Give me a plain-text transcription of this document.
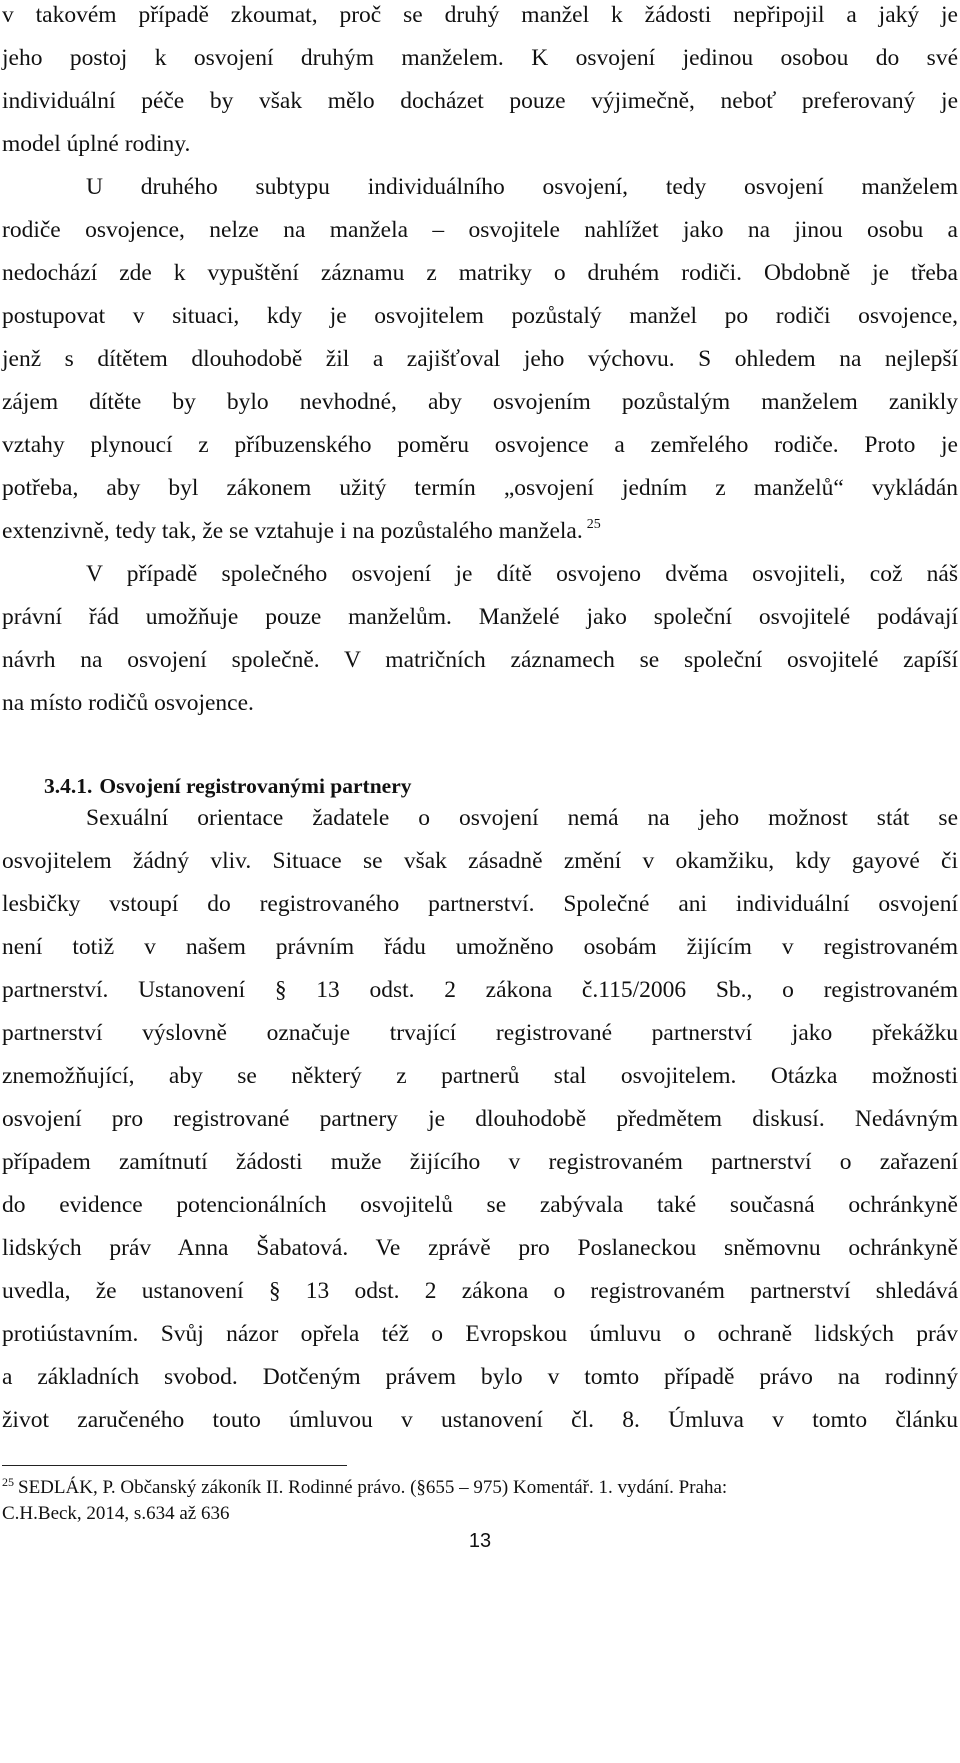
v takovém případě zkoumat, proč se druhý manžel k žádosti nepřipojil a jaký je
jeho postoj k osvojení druhým manželem. K osvojení jedinou osobou do své
individuální péče by však mělo docházet pouze výjimečně, neboť preferovaný je
model úplné rodiny.
U druhého subtypu individuálního osvojení, tedy osvojení manželem
rodiče osvojence, nelze na manžela – osvojitele nahlížet jako na jinou osobu a
nedochází zde k vypuštění záznamu z matriky o druhém rodiči. Obdobně je třeba
postupovat v situaci, kdy je osvojitelem pozůstalý manžel po rodiči osvojence,
jenž s dítětem dlouhodobě žil a zajišťoval jeho výchovu. S ohledem na nejlepší
zájem dítěte by bylo nevhodné, aby osvojením pozůstalým manželem zanikly
vztahy plynoucí z příbuzenského poměru osvojence a zemřelého rodiče. Proto je
potřeba, aby byl zákonem užitý termín „osvojení jedním z manželů“ vykládán
extenzivně, tedy tak, že se vztahuje i na pozůstalého manžela. $^{25}$
V případě společného osvojení je dítě osvojeno dvěma osvojiteli, což náš
právní řád umožňuje pouze manželům. Manželé jako společní osvojitelé podávají
návrh na osvojení společně. V matričních záznamech se společní osvojitelé zapíší
na místo rodičů osvojence.
3.4.1. Osvojení registrovanými partnery
Sexuální orientace žadatele o osvojení nemá na jeho možnost stát se
osvojitelem žádný vliv. Situace se však zásadně změní v okamžiku, kdy gayové či
lesbičky vstoupí do registrovaného partnerství. Společné ani individuální osvojení
není totiž v našem právním řádu umožněno osobám žijícím v registrovaném
partnerství. Ustanovení § 13 odst. 2 zákona č.115/2006 Sb., o registrovaném
partnerství výslovně označuje trvající registrované partnerství jako překážku
znemožňující, aby se některý z partnerů stal osvojitelem. Otázka možnosti
osvojení pro registrované partnery je dlouhodobě předmětem diskusí. Nedávným
případem zamítnutí žádosti muže žijícího v registrovaném partnerství o zařazení
do evidence potencionálních osvojitelů se zabývala také současná ochránkyně
lidských práv Anna Šabatová. Ve zprávě pro Poslaneckou sněmovnu ochránkyně
uvedla, že ustanovení § 13 odst. 2 zákona o registrovaném partnerství shledává
protiústavním. Svůj názor opřela též o Evropskou úmluvu o ochraně lidských práv
a základních svobod. Dotčeným právem bylo v tomto případě právo na rodinný
život zaručeného touto úmluvou v ustanovení čl. 8. Úmluva v tomto článku
$^{25}$ SEDLÁK, P. Občanský zákoník II. Rodinné právo. (§655 – 975) Komentář. 1. vydání. Praha:
C.H.Beck, 2014, s.634 až 636
13
